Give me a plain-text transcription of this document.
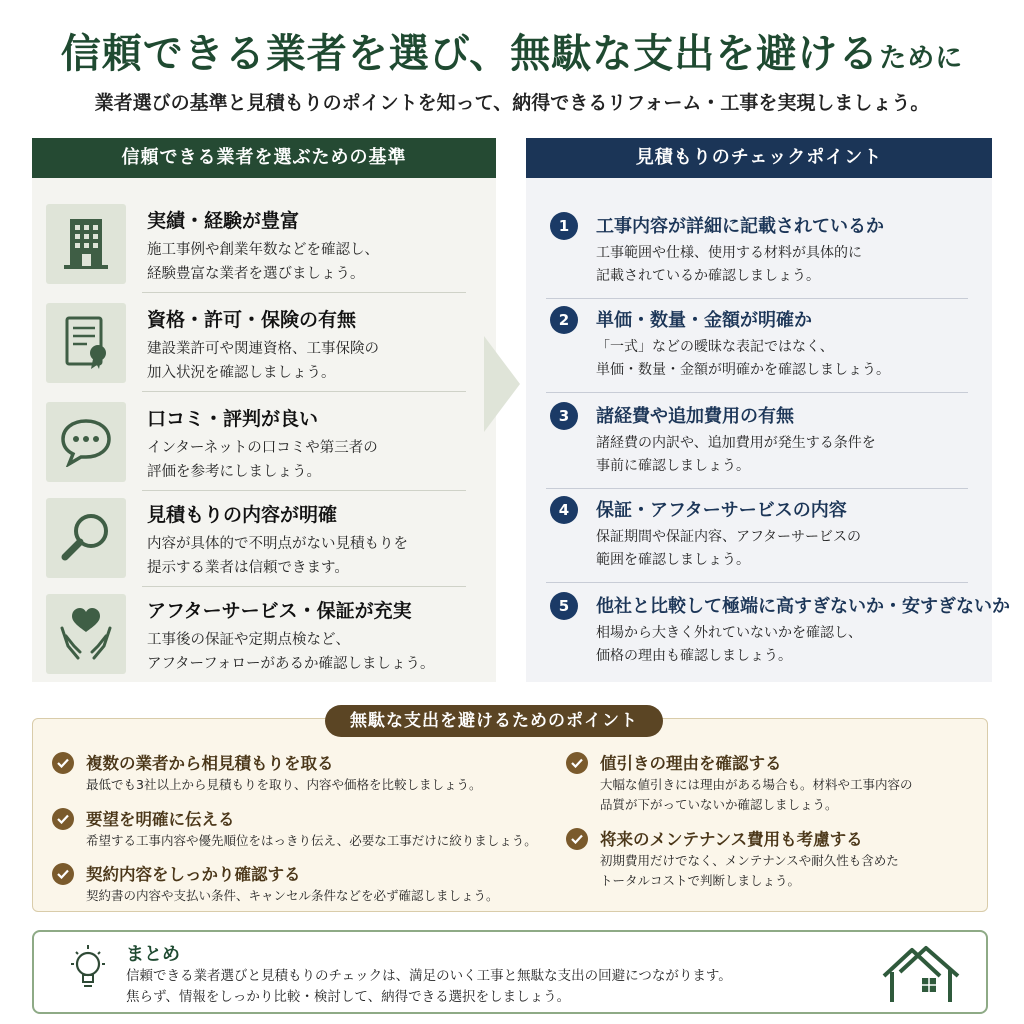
信頼できる業者を選び、無駄な支出を避けるために
業者選びの基準と見積もりのポイントを知って、納得できるリフォーム・工事を実現しましょう。
信頼できる業者を選ぶための基準
実績・経験が豊富
施工事例や創業年数などを確認し、
経験豊富な業者を選びましょう。
資格・許可・保険の有無
建設業許可や関連資格、工事保険の
加入状況を確認しましょう。
口コミ・評判が良い
インターネットの口コミや第三者の
評価を参考にしましょう。
見積もりの内容が明確
内容が具体的で不明点がない見積もりを
提示する業者は信頼できます。
アフターサービス・保証が充実
工事後の保証や定期点検など、
アフターフォローがあるか確認しましょう。
見積もりのチェックポイント
1	工事内容が詳細に記載されているか
工事範囲や仕様、使用する材料が具体的に
記載されているか確認しましょう。
2	単価・数量・金額が明確か
「一式」などの曖昧な表記ではなく、
単価・数量・金額が明確かを確認しましょう。
3	諸経費や追加費用の有無
諸経費の内訳や、追加費用が発生する条件を
事前に確認しましょう。
4	保証・アフターサービスの内容
保証期間や保証内容、アフターサービスの
範囲を確認しましょう。
5	他社と比較して極端に高すぎないか・安すぎないか
相場から大きく外れていないかを確認し、
価格の理由も確認しましょう。
無駄な支出を避けるためのポイント
複数の業者から相見積もりを取る
最低でも3社以上から見積もりを取り、内容や価格を比較しましょう。
要望を明確に伝える
希望する工事内容や優先順位をはっきり伝え、必要な工事だけに絞りましょう。
契約内容をしっかり確認する
契約書の内容や支払い条件、キャンセル条件などを必ず確認しましょう。
値引きの理由を確認する
大幅な値引きには理由がある場合も。材料や工事内容の
品質が下がっていないか確認しましょう。
将来のメンテナンス費用も考慮する
初期費用だけでなく、メンテナンスや耐久性も含めた
トータルコストで判断しましょう。
まとめ
信頼できる業者選びと見積もりのチェックは、満足のいく工事と無駄な支出の回避につながります。
焦らず、情報をしっかり比較・検討して、納得できる選択をしましょう。
